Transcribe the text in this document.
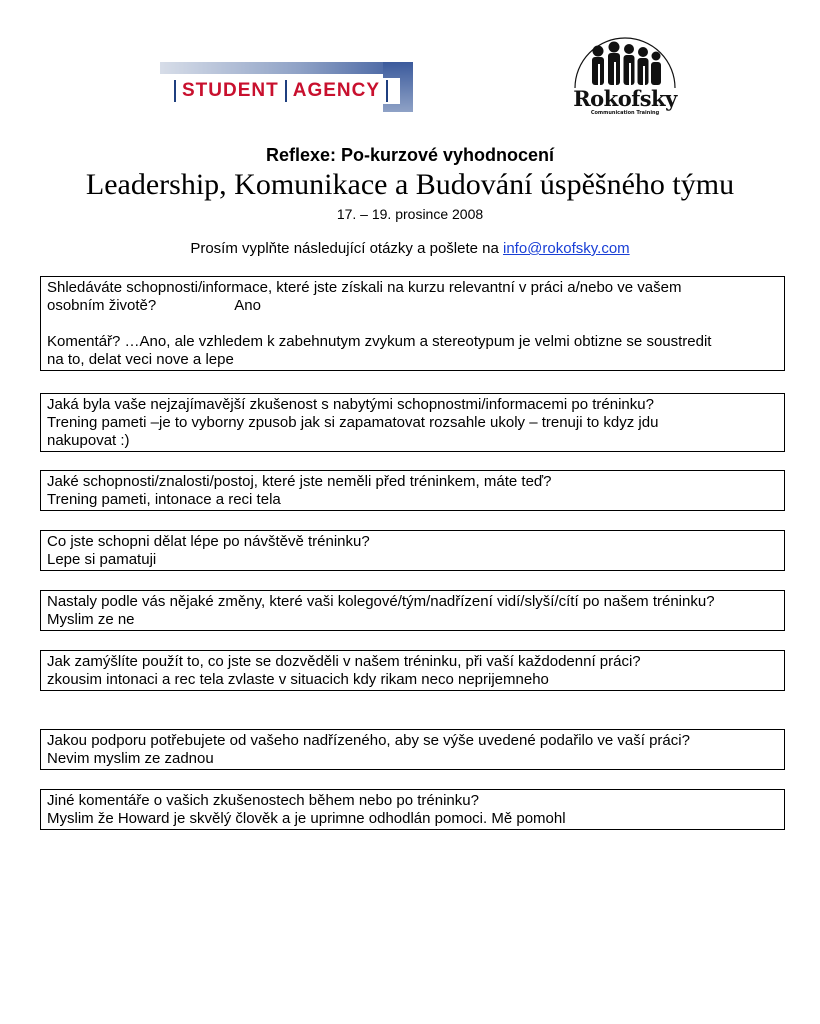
STUDENT AGENCY	Rokofsky
Communication Training
Reflexe: Po-kurzové vyhodnocení
Leadership, Komunikace a Budování úspěšného týmu
17. – 19. prosince 2008
Prosím vyplňte následující otázky a pošlete na info@rokofsky.com

Shledáváte schopnosti/informace, které jste získali na kurzu relevantní v práci a/nebo ve vašem

osobním životě?	Ano

Komentář? …Ano, ale vzhledem k zabehnutym zvykum a stereotypum je velmi obtizne se soustredit

na to, delat veci nove a lepe

Jaká byla vaše nejzajímavější zkušenost s nabytými schopnostmi/informacemi po tréninku?

Trening pameti –je to vyborny zpusob jak si zapamatovat rozsahle ukoly – trenuji to kdyz jdu

nakupovat :)

Jaké schopnosti/znalosti/postoj, které jste neměli před tréninkem, máte teď?

Trening pameti, intonace a reci tela

Co jste schopni dělat lépe po návštěvě tréninku?

Lepe si pamatuji

Nastaly podle vás nějaké změny, které vaši kolegové/tým/nadřízení vidí/slyší/cítí po našem tréninku?

Myslim ze ne

Jak zamýšlíte použít to, co jste se dozvěděli v našem tréninku, při vaší každodenní práci?

zkousim intonaci a rec tela zvlaste v situacich kdy rikam neco neprijemneho

Jakou podporu potřebujete od vašeho nadřízeného, aby se výše uvedené podařilo ve vaší práci?

Nevim myslim ze zadnou

Jiné komentáře o vašich zkušenostech během nebo po tréninku?

Myslim že Howard je skvělý člověk a je uprimne odhodlán pomoci. Mě pomohl
